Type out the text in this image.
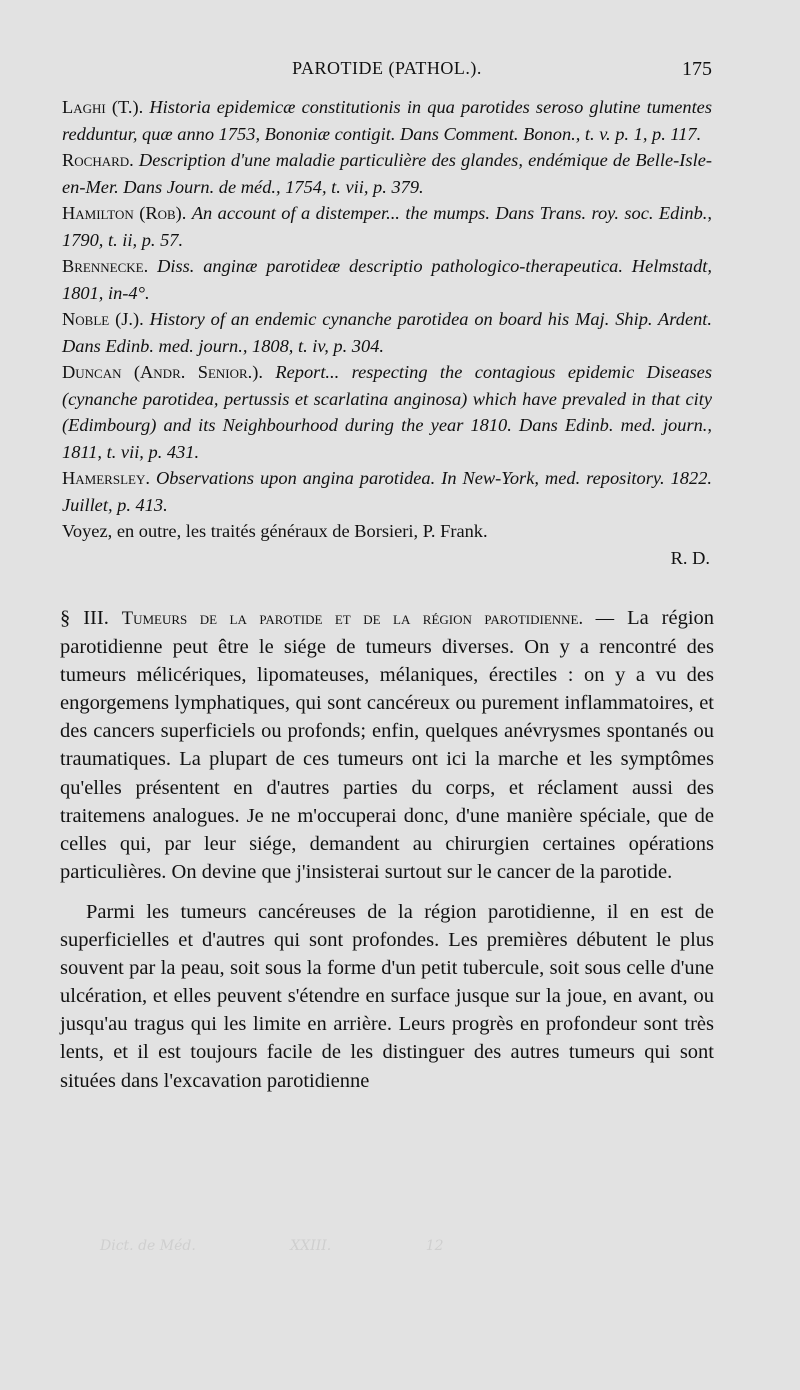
PAROTIDE (PATHOL.).	175

Laghi (T.). Historia epidemicæ constitutionis in qua parotides seroso glutine tumentes redduntur, quæ anno 1753, Bononiæ contigit. Dans Comment. Bonon., t. v. p. 1, p. 117.

Rochard. Description d'une maladie particulière des glandes, endémique de Belle-Isle-en-Mer. Dans Journ. de méd., 1754, t. vii, p. 379.

Hamilton (Rob). An account of a distemper... the mumps. Dans Trans. roy. soc. Edinb., 1790, t. ii, p. 57.

Brennecke. Diss. anginæ parotideæ descriptio pathologico-therapeutica. Helmstadt, 1801, in-4°.

Noble (J.). History of an endemic cynanche parotidea on board his Maj. Ship. Ardent. Dans Edinb. med. journ., 1808, t. iv, p. 304.

Duncan (Andr. Senior.). Report... respecting the contagious epidemic Diseases (cynanche parotidea, pertussis et scarlatina anginosa) which have prevaled in that city (Edimbourg) and its Neighbourhood during the year 1810. Dans Edinb. med. journ., 1811, t. vii, p. 431.

Hamersley. Observations upon angina parotidea. In New-York, med. repository. 1822. Juillet, p. 413.

Voyez, en outre, les traités généraux de Borsieri, P. Frank.

R. D.

§ III. Tumeurs de la parotide et de la région parotidienne. — La région parotidienne peut être le siége de tumeurs diverses. On y a rencontré des tumeurs mélicériques, lipomateuses, mélaniques, érectiles : on y a vu des engorgemens lymphatiques, qui sont cancéreux ou purement inflammatoires, et des cancers superficiels ou profonds; enfin, quelques anévrysmes spontanés ou traumatiques. La plupart de ces tumeurs ont ici la marche et les symptômes qu'elles présentent en d'autres parties du corps, et réclament aussi des traitemens analogues. Je ne m'occuperai donc, d'une manière spéciale, que de celles qui, par leur siége, demandent au chirurgien certaines opérations particulières. On devine que j'insisterai surtout sur le cancer de la parotide.

Parmi les tumeurs cancéreuses de la région parotidienne, il en est de superficielles et d'autres qui sont profondes. Les premières débutent le plus souvent par la peau, soit sous la forme d'un petit tubercule, soit sous celle d'une ulcération, et elles peuvent s'étendre en surface jusque sur la joue, en avant, ou jusqu'au tragus qui les limite en arrière. Leurs progrès en profondeur sont très lents, et il est toujours facile de les distinguer des autres tumeurs qui sont situées dans l'excavation parotidienne

Dict. de Méd.	XXIII.	12
